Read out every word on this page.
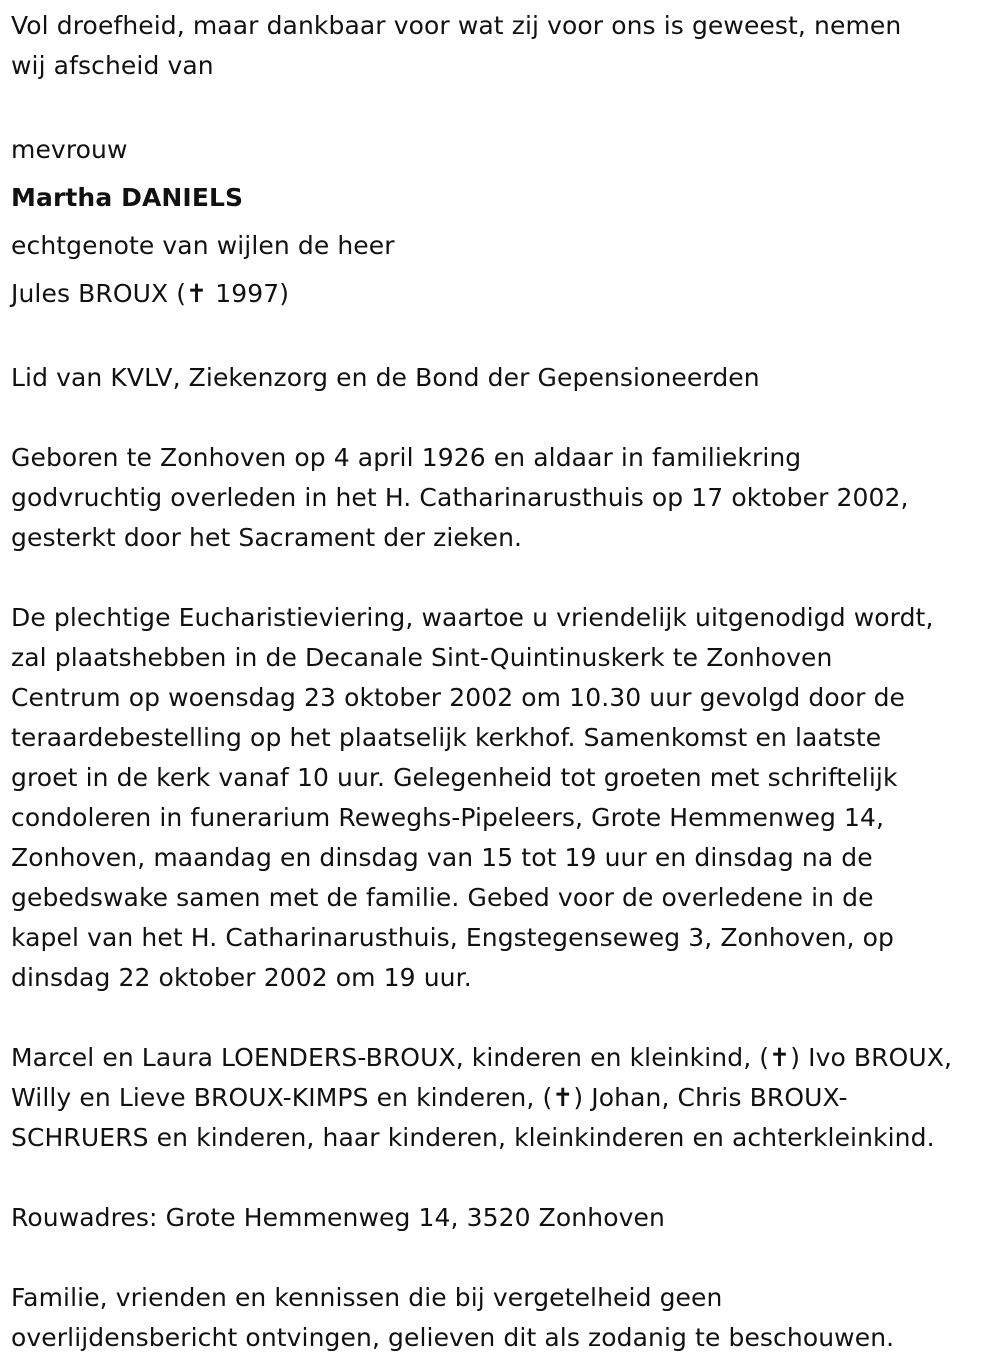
Vol droefheid, maar dankbaar voor wat zij voor ons is geweest, nemen
wij afscheid van
mevrouw
Martha DANIELS
echtgenote van wijlen de heer
Jules BROUX (✝ 1997)
Lid van KVLV, Ziekenzorg en de Bond der Gepensioneerden
Geboren te Zonhoven op 4 april 1926 en aldaar in familiekring
godvruchtig overleden in het H. Catharinarusthuis op 17 oktober 2002,
gesterkt door het Sacrament der zieken.
De plechtige Eucharistieviering, waartoe u vriendelijk uitgenodigd wordt,
zal plaatshebben in de Decanale Sint-Quintinuskerk te Zonhoven
Centrum op woensdag 23 oktober 2002 om 10.30 uur gevolgd door de
teraardebestelling op het plaatselijk kerkhof. Samenkomst en laatste
groet in de kerk vanaf 10 uur. Gelegenheid tot groeten met schriftelijk
condoleren in funerarium Reweghs-Pipeleers, Grote Hemmenweg 14,
Zonhoven, maandag en dinsdag van 15 tot 19 uur en dinsdag na de
gebedswake samen met de familie. Gebed voor de overledene in de
kapel van het H. Catharinarusthuis, Engstegenseweg 3, Zonhoven, op
dinsdag 22 oktober 2002 om 19 uur.
Marcel en Laura LOENDERS-BROUX, kinderen en kleinkind, (✝) Ivo BROUX,
Willy en Lieve BROUX-KIMPS en kinderen, (✝) Johan, Chris BROUX-
SCHRUERS en kinderen, haar kinderen, kleinkinderen en achterkleinkind.
Rouwadres: Grote Hemmenweg 14, 3520 Zonhoven
Familie, vrienden en kennissen die bij vergetelheid geen
overlijdensbericht ontvingen, gelieven dit als zodanig te beschouwen.
